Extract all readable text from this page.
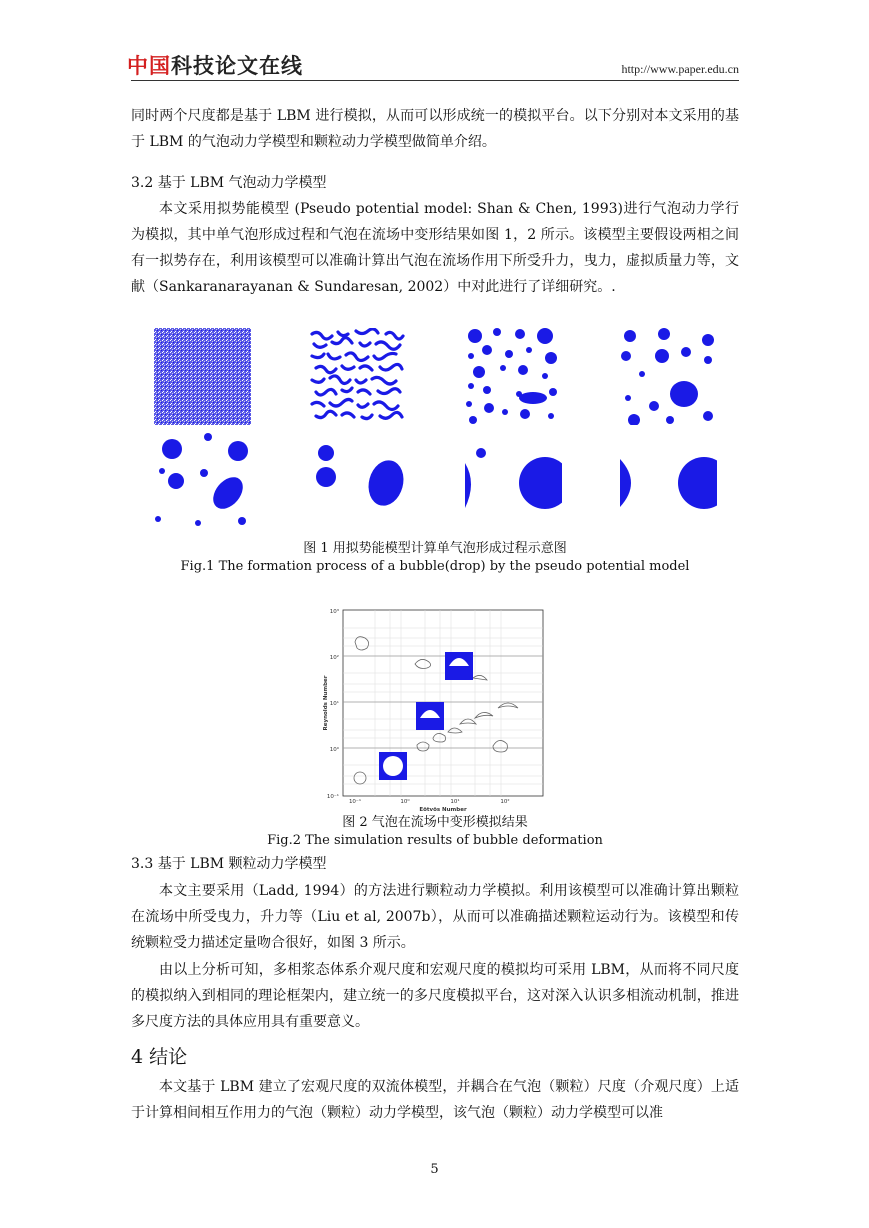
中国科技论文在线	http://www.paper.edu.cn
同时两个尺度都是基于 LBM 进行模拟，从而可以形成统一的模拟平台。以下分别对本文采用的基于 LBM 的气泡动力学模型和颗粒动力学模型做简单介绍。
3.2 基于 LBM 气泡动力学模型
本文采用拟势能模型 (Pseudo potential model: Shan & Chen, 1993)进行气泡动力学行为模拟，其中单气泡形成过程和气泡在流场中变形结果如图 1，2 所示。该模型主要假设两相之间有一拟势存在，利用该模型可以准确计算出气泡在流场作用下所受升力，曳力，虚拟质量力等，文献（Sankaranarayanan & Sundaresan, 2002）中对此进行了详细研究。.
图 1 用拟势能模型计算单气泡形成过程示意图
Fig.1 The formation process of a bubble(drop) by the pseudo potential model
10³
10²
10¹
10⁰
10⁻¹
10⁻¹	10⁰	10¹	10²
Eötvös Number
Reynolds Number
图 2 气泡在流场中变形模拟结果
Fig.2 The simulation results of bubble deformation
3.3 基于 LBM 颗粒动力学模型
本文主要采用（Ladd, 1994）的方法进行颗粒动力学模拟。利用该模型可以准确计算出颗粒在流场中所受曳力，升力等（Liu et al, 2007b），从而可以准确描述颗粒运动行为。该模型和传统颗粒受力描述定量吻合很好，如图 3 所示。
由以上分析可知，多相浆态体系介观尺度和宏观尺度的模拟均可采用 LBM，从而将不同尺度的模拟纳入到相同的理论框架内，建立统一的多尺度模拟平台，这对深入认识多相流动机制，推进多尺度方法的具体应用具有重要意义。
4 结论
本文基于 LBM 建立了宏观尺度的双流体模型，并耦合在气泡（颗粒）尺度（介观尺度）上适于计算相间相互作用力的气泡（颗粒）动力学模型，该气泡（颗粒）动力学模型可以准
5
